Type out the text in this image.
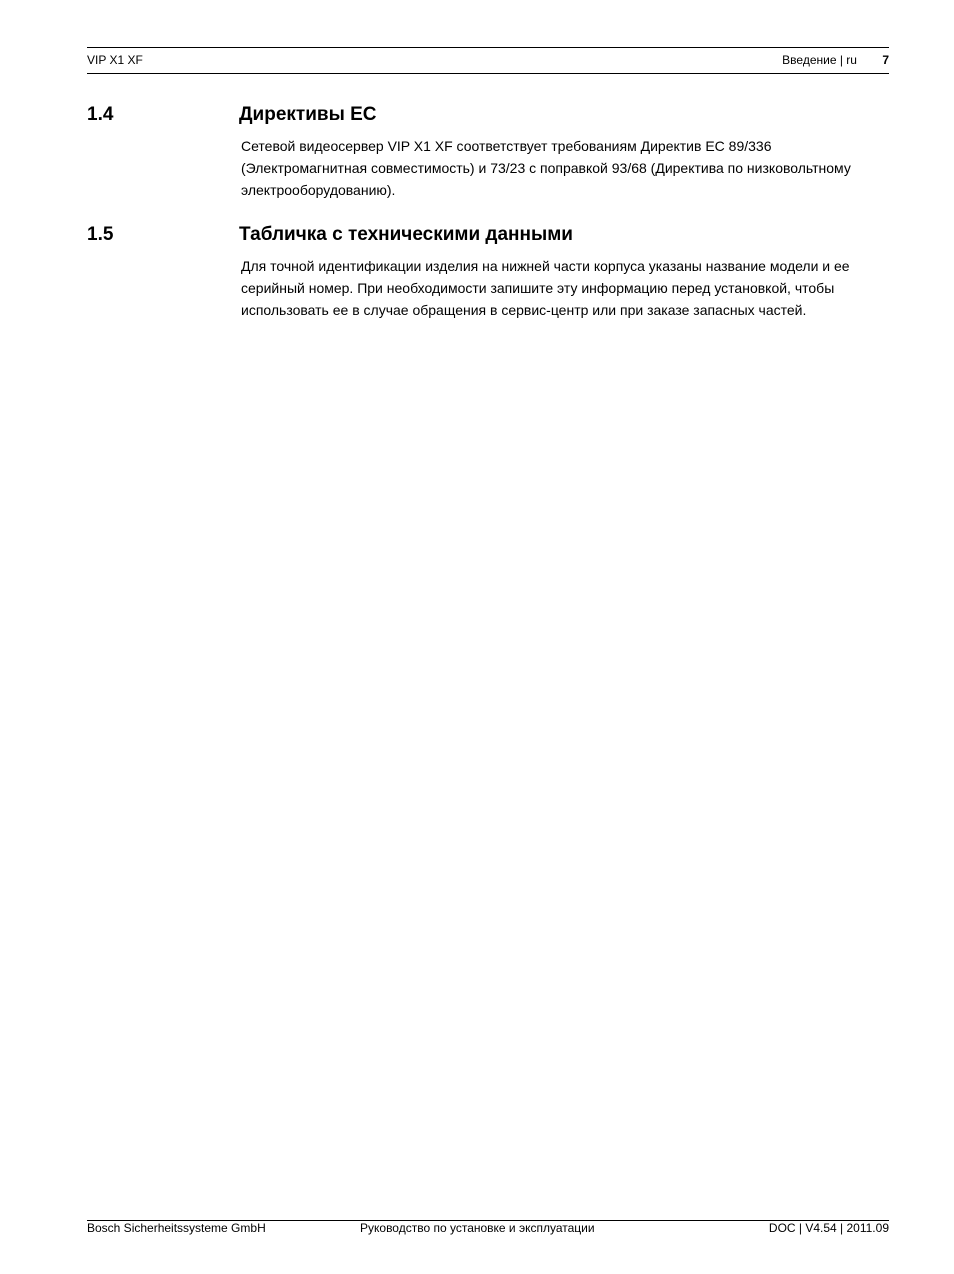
VIP X1 XF	Введение | ru 7
1.4	Директивы ЕС
Сетевой видеосервер VIP X1 XF соответствует требованиям Директив ЕС 89/336 (Электромагнитная совместимость) и 73/23 с поправкой 93/68 (Директива по низковольтному электрооборудованию).
1.5	Табличка с техническими данными
Для точной идентификации изделия на нижней части корпуса указаны название модели и ее серийный номер. При необходимости запишите эту информацию перед установкой, чтобы использовать ее в случае обращения в сервис-центр или при заказе запасных частей.
Bosch Sicherheitssysteme GmbH	Руководство по установке и эксплуатации	DOC | V4.54 | 2011.09
